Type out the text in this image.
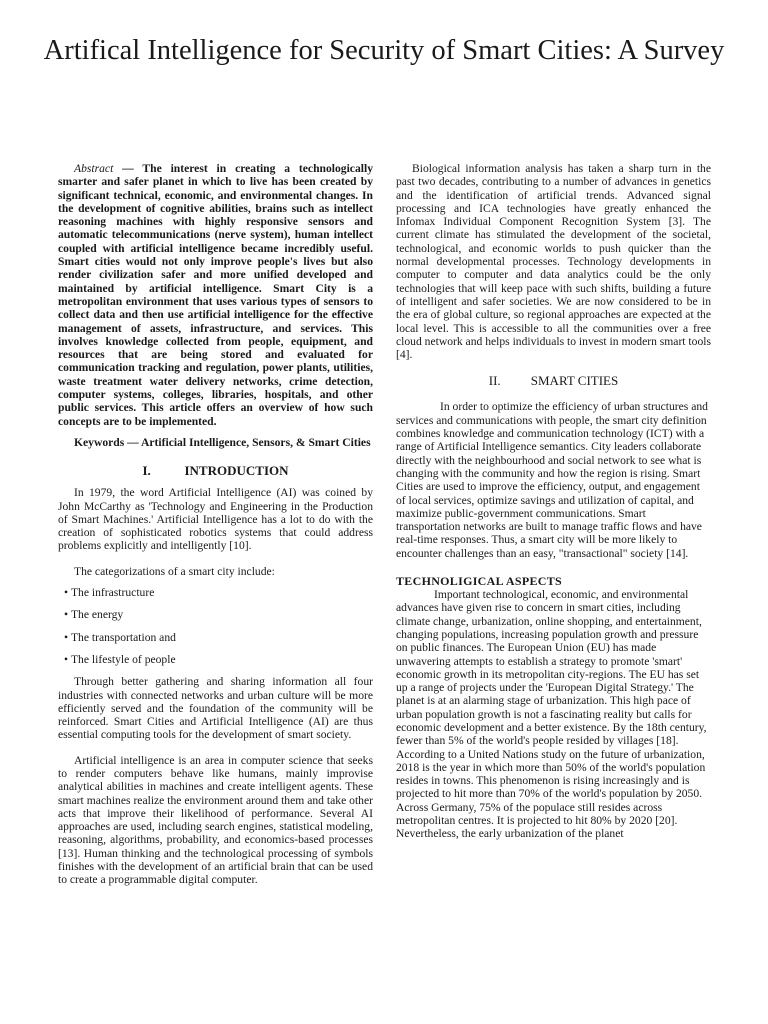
Artifical Intelligence for Security of Smart Cities: A Survey

Abstract — The interest in creating a technologically smarter and safer planet in which to live has been created by significant technical, economic, and environmental changes. In the development of cognitive abilities, brains such as intellect reasoning machines with highly responsive sensors and automatic telecommunications (nerve system), human intellect coupled with artificial intelligence became incredibly useful. Smart cities would not only improve people's lives but also render civilization safer and more unified developed and maintained by artificial intelligence. Smart City is a metropolitan environment that uses various types of sensors to collect data and then use artificial intelligence for the effective management of assets, infrastructure, and services. This involves knowledge collected from people, equipment, and resources that are being stored and evaluated for communication tracking and regulation, power plants, utilities, waste treatment water delivery networks, crime detection, computer systems, colleges, libraries, hospitals, and other public services. This article offers an overview of how such concepts are to be implemented.

Keywords — Artificial Intelligence, Sensors, & Smart Cities

I.	INTRODUCTION

In 1979, the word Artificial Intelligence (AI) was coined by John McCarthy as 'Technology and Engineering in the Production of Smart Machines.' Artificial Intelligence has a lot to do with the creation of sophisticated robotics systems that could address problems explicitly and intelligently [10].

The categorizations of a smart city include:

• The infrastructure
• The energy
• The transportation and
• The lifestyle of people

Through better gathering and sharing information all four industries with connected networks and urban culture will be more efficiently served and the foundation of the community will be reinforced. Smart Cities and Artificial Intelligence (AI) are thus essential computing tools for the development of smart society.

Artificial intelligence is an area in computer science that seeks to render computers behave like humans, mainly improvise analytical abilities in machines and create intelligent agents. These smart machines realize the environment around them and take other acts that improve their likelihood of performance. Several AI approaches are used, including search engines, statistical modeling, reasoning, algorithms, probability, and economics-based processes [13]. Human thinking and the technological processing of symbols finishes with the development of an artificial brain that can be used to create a programmable digital computer.

Biological information analysis has taken a sharp turn in the past two decades, contributing to a number of advances in genetics and the identification of artificial trends. Advanced signal processing and ICA technologies have greatly enhanced the Infomax Individual Component Recognition System [3]. The current climate has stimulated the development of the societal, technological, and economic worlds to push quicker than the normal developmental processes. Technology developments in computer to computer and data analytics could be the only technologies that will keep pace with such shifts, building a future of intelligent and safer societies. We are now considered to be in the era of global culture, so regional approaches are expected at the local level. This is accessible to all the communities over a free cloud network and helps individuals to invest in modern smart tools [4].

II. SMART CITIES

In order to optimize the efficiency of urban structures and services and communications with people, the smart city definition combines knowledge and communication technology (ICT) with a range of Artificial Intelligence semantics. City leaders collaborate directly with the neighbourhood and social network to see what is changing with the community and how the region is rising. Smart Cities are used to improve the efficiency, output, and engagement of local services, optimize savings and utilization of capital, and maximize public-government communications. Smart transportation networks are built to manage traffic flows and have real-time responses. Thus, a smart city will be more likely to encounter challenges than an easy, "transactional" society [14].

TECHNOLIGICAL ASPECTS

Important technological, economic, and environmental advances have given rise to concern in smart cities, including climate change, urbanization, online shopping, and entertainment, changing populations, increasing population growth and pressure on public finances. The European Union (EU) has made unwavering attempts to establish a strategy to promote 'smart' economic growth in its metropolitan city-regions. The EU has set up a range of projects under the 'European Digital Strategy.' The planet is at an alarming stage of urbanization. This high pace of urban population growth is not a fascinating reality but calls for economic development and a better existence. By the 18th century, fewer than 5% of the world's people resided by villages [18]. According to a United Nations study on the future of urbanization, 2018 is the year in which more than 50% of the world's population resides in towns. This phenomenon is rising increasingly and is projected to hit more than 70% of the world's population by 2050. Across Germany, 75% of the populace still resides across metropolitan centres. It is projected to hit 80% by 2020 [20]. Nevertheless, the early urbanization of the planet
